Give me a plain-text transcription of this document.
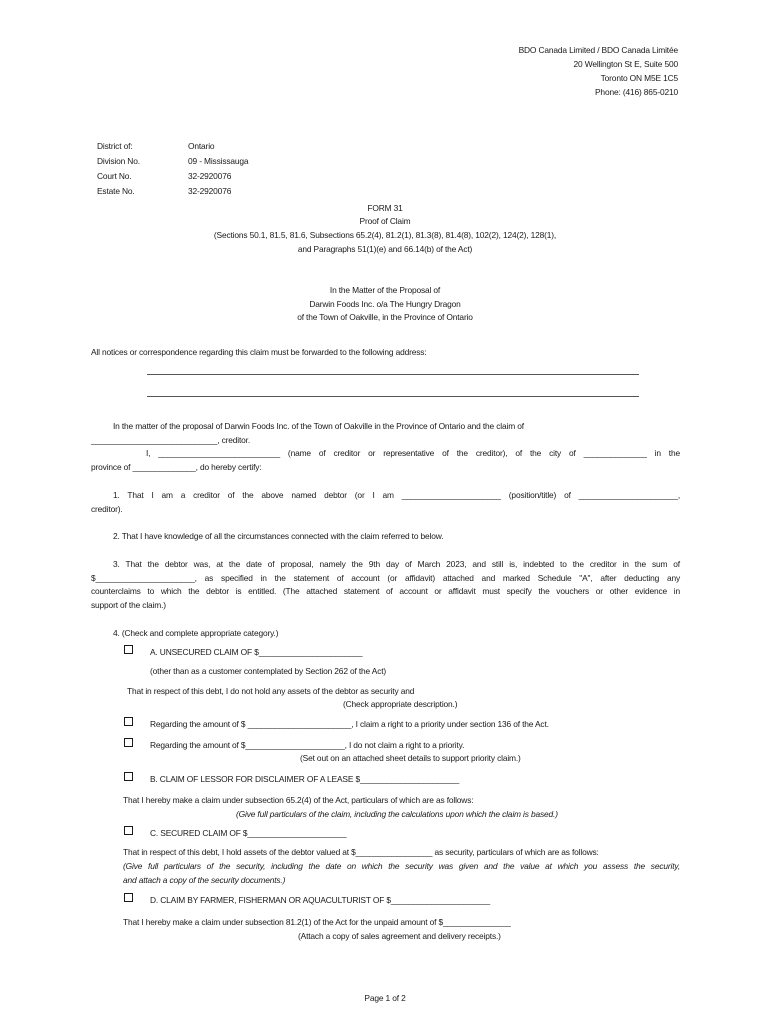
BDO Canada Limited / BDO Canada Limitée
20 Wellington St E, Suite 500
Toronto ON M5E 1C5
Phone: (416) 865-0210
District of:	Ontario
Division No.	09 - Mississauga
Court No.	32-2920076
Estate No.	32-2920076
FORM 31
Proof of Claim
(Sections 50.1, 81.5, 81.6, Subsections 65.2(4), 81.2(1), 81.3(8), 81.4(8), 102(2), 124(2), 128(1),
and Paragraphs 51(1)(e) and 66.14(b) of the Act)
In the Matter of the Proposal of
Darwin Foods Inc. o/a The Hungry Dragon
of the Town of Oakville, in the Province of Ontario
All notices or correspondence regarding this claim must be forwarded to the following address:
In the matter of the proposal of Darwin Foods Inc. of the Town of Oakville in the Province of Ontario and the claim of
____________________________, creditor.
I, ___________________________ (name of creditor or representative of the creditor), of the city of ______________ in the
province of ______________, do hereby certify:
1. That I am a creditor of the above named debtor (or I am ______________________ (position/title) of ______________________,
creditor).
2. That I have knowledge of all the circumstances connected with the claim referred to below.
3. That the debtor was, at the date of proposal, namely the 9th day of March 2023, and still is, indebted to the creditor in the sum of
$______________________, as specified in the statement of account (or affidavit) attached and marked Schedule "A", after deducting any
counterclaims to which the debtor is entitled. (The attached statement of account or affidavit must specify the vouchers or other evidence in
support of the claim.)
4. (Check and complete appropriate category.)
A. UNSECURED CLAIM OF $_______________________
(other than as a customer contemplated by Section 262 of the Act)
That in respect of this debt, I do not hold any assets of the debtor as security and
(Check appropriate description.)
Regarding the amount of $ _______________________, I claim a right to a priority under section 136 of the Act.
Regarding the amount of $______________________, I do not claim a right to a priority.
(Set out on an attached sheet details to support priority claim.)
B. CLAIM OF LESSOR FOR DISCLAIMER OF A LEASE $______________________
That I hereby make a claim under subsection 65.2(4) of the Act, particulars of which are as follows:
(Give full particulars of the claim, including the calculations upon which the claim is based.)
C. SECURED CLAIM OF $______________________
That in respect of this debt, I hold assets of the debtor valued at $_________________ as security, particulars of which are as follows:
(Give full particulars of the security, including the date on which the security was given and the value at which you assess the security,
and attach a copy of the security documents.)
D. CLAIM BY FARMER, FISHERMAN OR AQUACULTURIST OF $______________________
That I hereby make a claim under subsection 81.2(1) of the Act for the unpaid amount of $_______________
(Attach a copy of sales agreement and delivery receipts.)
Page 1 of 2
